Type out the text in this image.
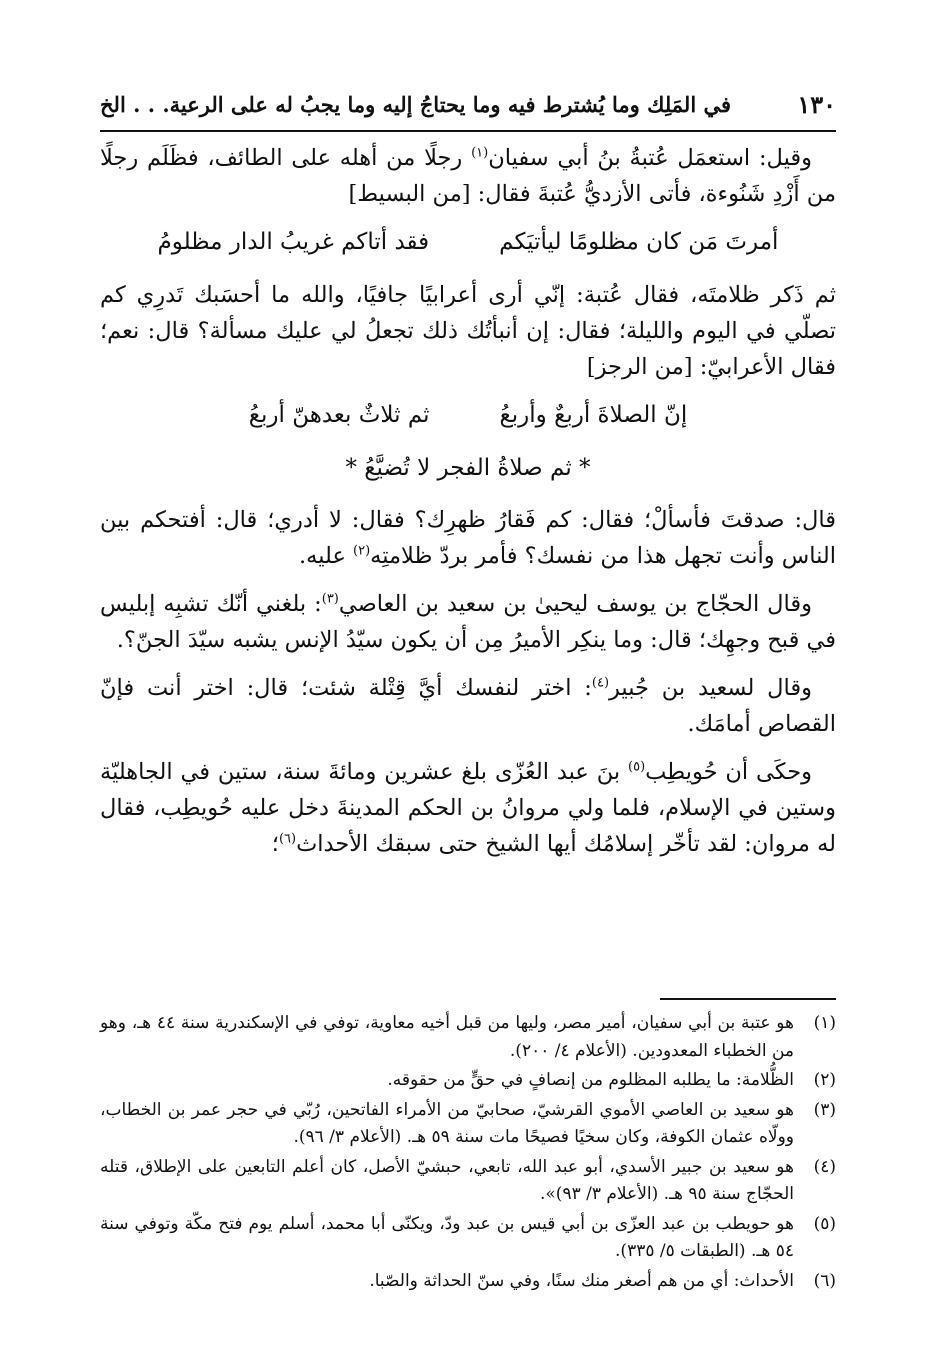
١٣٠
في المَلِك وما يُشترط فيه وما يحتاجُ إليه وما يجبُ له على الرعية. . . الخ

وقيل: استعمَل عُتبةُ بنُ أبي سفيان$^{(١)}$ رجلًا من أهله على الطائف، فظَلَم رجلًا من أَزْدِ شَنُوءة، فأتى الأزديُّ عُتبةَ فقال: [من البسيط]

أمرتَ مَن كان مظلومًا ليأتيَكم
فقد أتاكم غريبُ الدار مظلومُ

ثم ذَكر ظلامتَه، فقال عُتبة: إنّي أرى أعرابيًا جافيًا، والله ما أحسَبك تَدرِي كم تصلّي في اليوم والليلة؛ فقال: إن أنبأتُك ذلك تجعلُ لي عليك مسألة؟ قال: نعم؛ فقال الأعرابيّ: [من الرجز]

إنّ الصلاةَ أربعٌ وأربعُ
ثم ثلاثٌ بعدهنّ أربعُ
* ثم صلاةُ الفجر لا تُضيَّعُ *

قال: صدقتَ فأسألْ؛ فقال: كم فَقارُ ظهرِك؟ فقال: لا أدري؛ قال: أفتحكم بين الناس وأنت تجهل هذا من نفسك؟ فأمر بردّ ظلامتِه$^{(٢)}$ عليه.

وقال الحجّاج بن يوسف ليحيىٰ بن سعيد بن العاصي$^{(٣)}$: بلغني أنّك تشبِه إبليس في قبح وجهِك؛ قال: وما ينكِر الأميرُ مِن أن يكون سيّدُ الإنس يشبه سيّدَ الجنّ؟.

وقال لسعيد بن جُبير$^{(٤)}$: اختر لنفسك أيَّ قِتْلة شئت؛ قال: اختر أنت فإنّ القصاص أمامَك.

وحكَى أن حُويطِب$^{(٥)}$ بنَ عبد العُزّى بلغ عشرين ومائةَ سنة، ستين في الجاهليّة وستين في الإسلام، فلما ولي مروانُ بن الحكم المدينةَ دخل عليه حُويطِب، فقال له مروان: لقد تأخّر إسلامُك أيها الشيخ حتى سبقك الأحداث$^{(٦)}$؛

(١)
هو عتبة بن أبي سفيان، أمير مصر، وليها من قبل أخيه معاوية، توفي في الإسكندرية سنة ٤٤ هـ، وهو من الخطباء المعدودين. (الأعلام ٤/ ٢٠٠).
(٢)
الظُّلامة: ما يطلبه المظلوم من إنصافٍ في حقٍّ من حقوقه.
(٣)
هو سعيد بن العاصي الأموي القرشيّ، صحابيّ من الأمراء الفاتحين، رُبّي في حجر عمر بن الخطاب، وولّاه عثمان الكوفة، وكان سخيًا فصيحًا مات سنة ٥٩ هـ. (الأعلام ٣/ ٩٦).
(٤)
هو سعيد بن جبير الأسدي، أبو عبد الله، تابعي، حبشيّ الأصل، كان أعلم التابعين على الإطلاق، قتله الحجّاج سنة ٩٥ هـ. (الأعلام ٣/ ٩٣)».
(٥)
هو حويطب بن عبد العزّى بن أبي قيس بن عبد ودّ، ويكنّى أبا محمد، أسلم يوم فتح مكّة وتوفي سنة ٥٤ هـ. (الطبقات ٥/ ٣٣٥).
(٦)
الأحداث: أي من هم أصغر منك سنًا، وفي سنّ الحداثة والصّبا.
